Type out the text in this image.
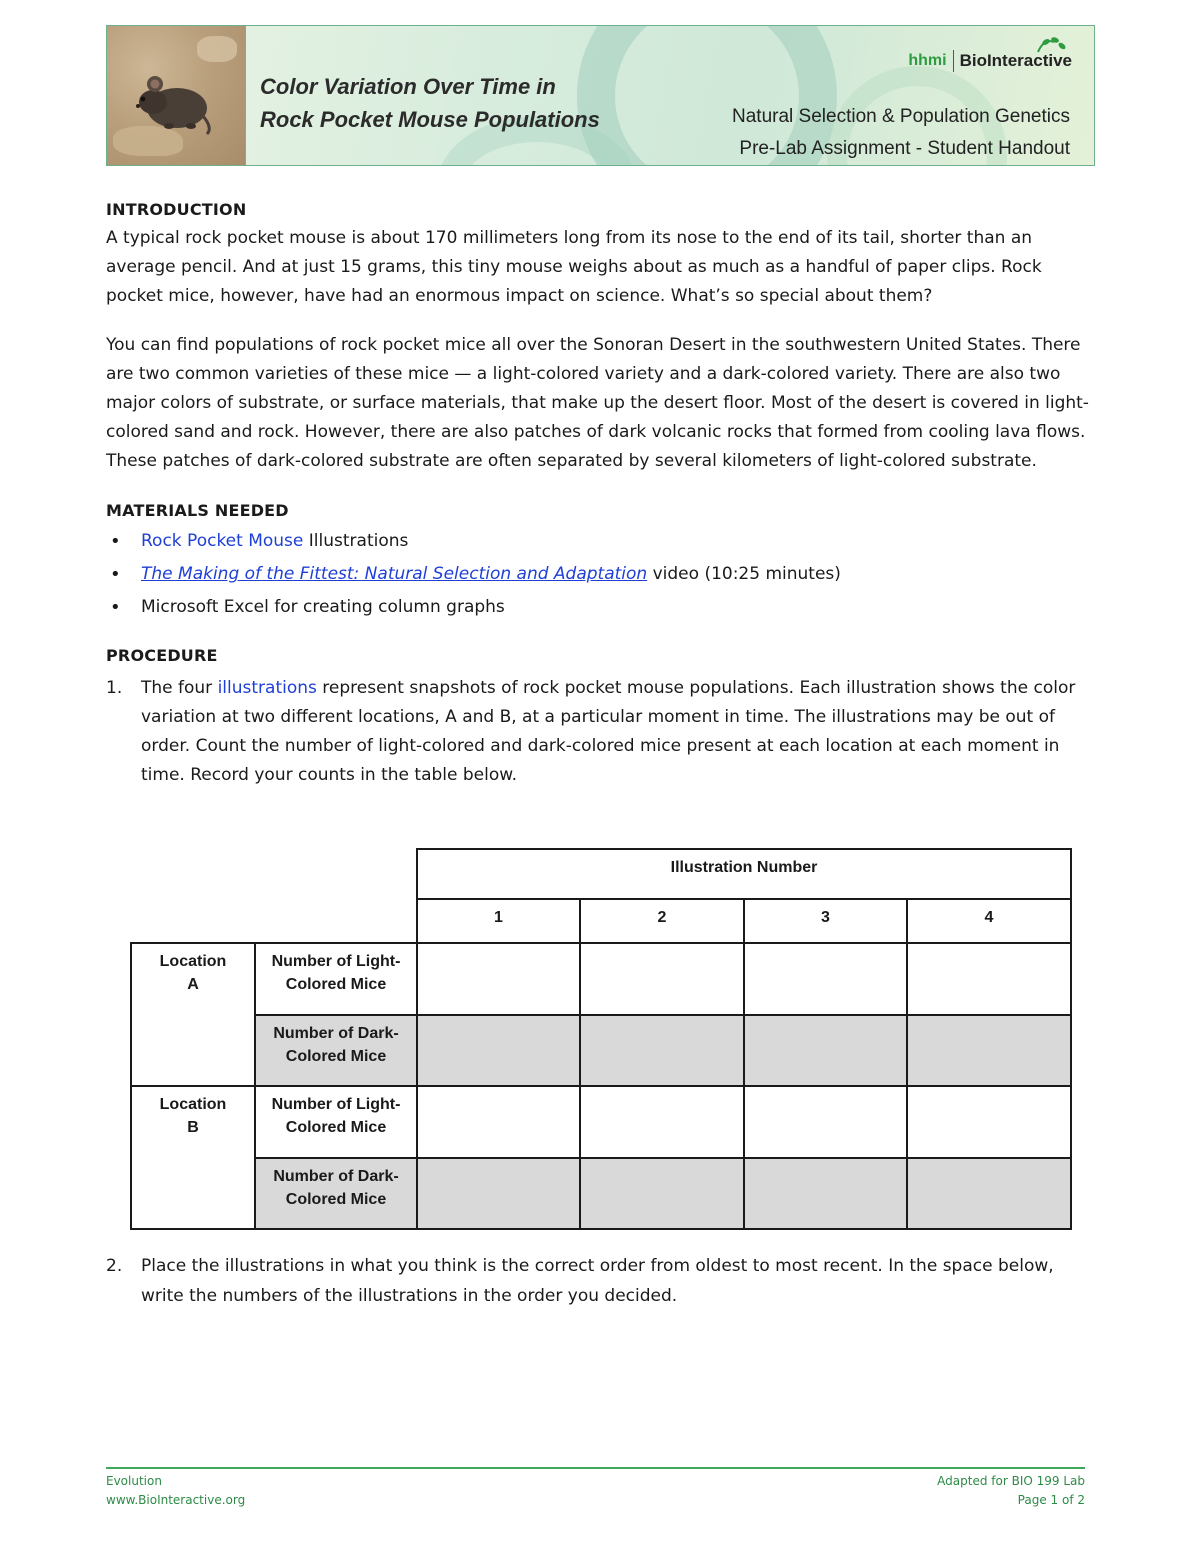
Color Variation Over Time in
Rock Pocket Mouse Populations
hhmi BioInteractive
Natural Selection & Population Genetics
Pre-Lab Assignment - Student Handout
INTRODUCTION

A typical rock pocket mouse is about 170 millimeters long from its nose to the end of its tail, shorter than an average pencil. And at just 15 grams, this tiny mouse weighs about as much as a handful of paper clips. Rock pocket mice, however, have had an enormous impact on science. What’s so special about them?

You can find populations of rock pocket mice all over the Sonoran Desert in the southwestern United States. There are two common varieties of these mice — a light-colored variety and a dark-colored variety. There are also two major colors of substrate, or surface materials, that make up the desert floor. Most of the desert is covered in light-colored sand and rock. However, there are also patches of dark volcanic rocks that formed from cooling lava flows. These patches of dark-colored substrate are often separated by several kilometers of light-colored substrate.

MATERIALS NEEDED
• Rock Pocket Mouse Illustrations
• The Making of the Fittest: Natural Selection and Adaptation video (10:25 minutes)
• Microsoft Excel for creating column graphs
PROCEDURE
1. The four illustrations represent snapshots of rock pocket mouse populations. Each illustration shows the color variation at two different locations, A and B, at a particular moment in time. The illustrations may be out of order. Count the number of light-colored and dark-colored mice present at each location at each moment in time. Record your counts in the table below.
		Illustration Number			
		1	2	3	4
Location
A	Number of Light-Colored Mice				
	Number of Dark-Colored Mice				
Location
B	Number of Light-Colored Mice				
	Number of Dark-Colored Mice				
2. Place the illustrations in what you think is the correct order from oldest to most recent. In the space below, write the numbers of the illustrations in the order you decided.
Evolution
www.BioInteractive.org
Adapted for BIO 199 Lab
Page 1 of 2
